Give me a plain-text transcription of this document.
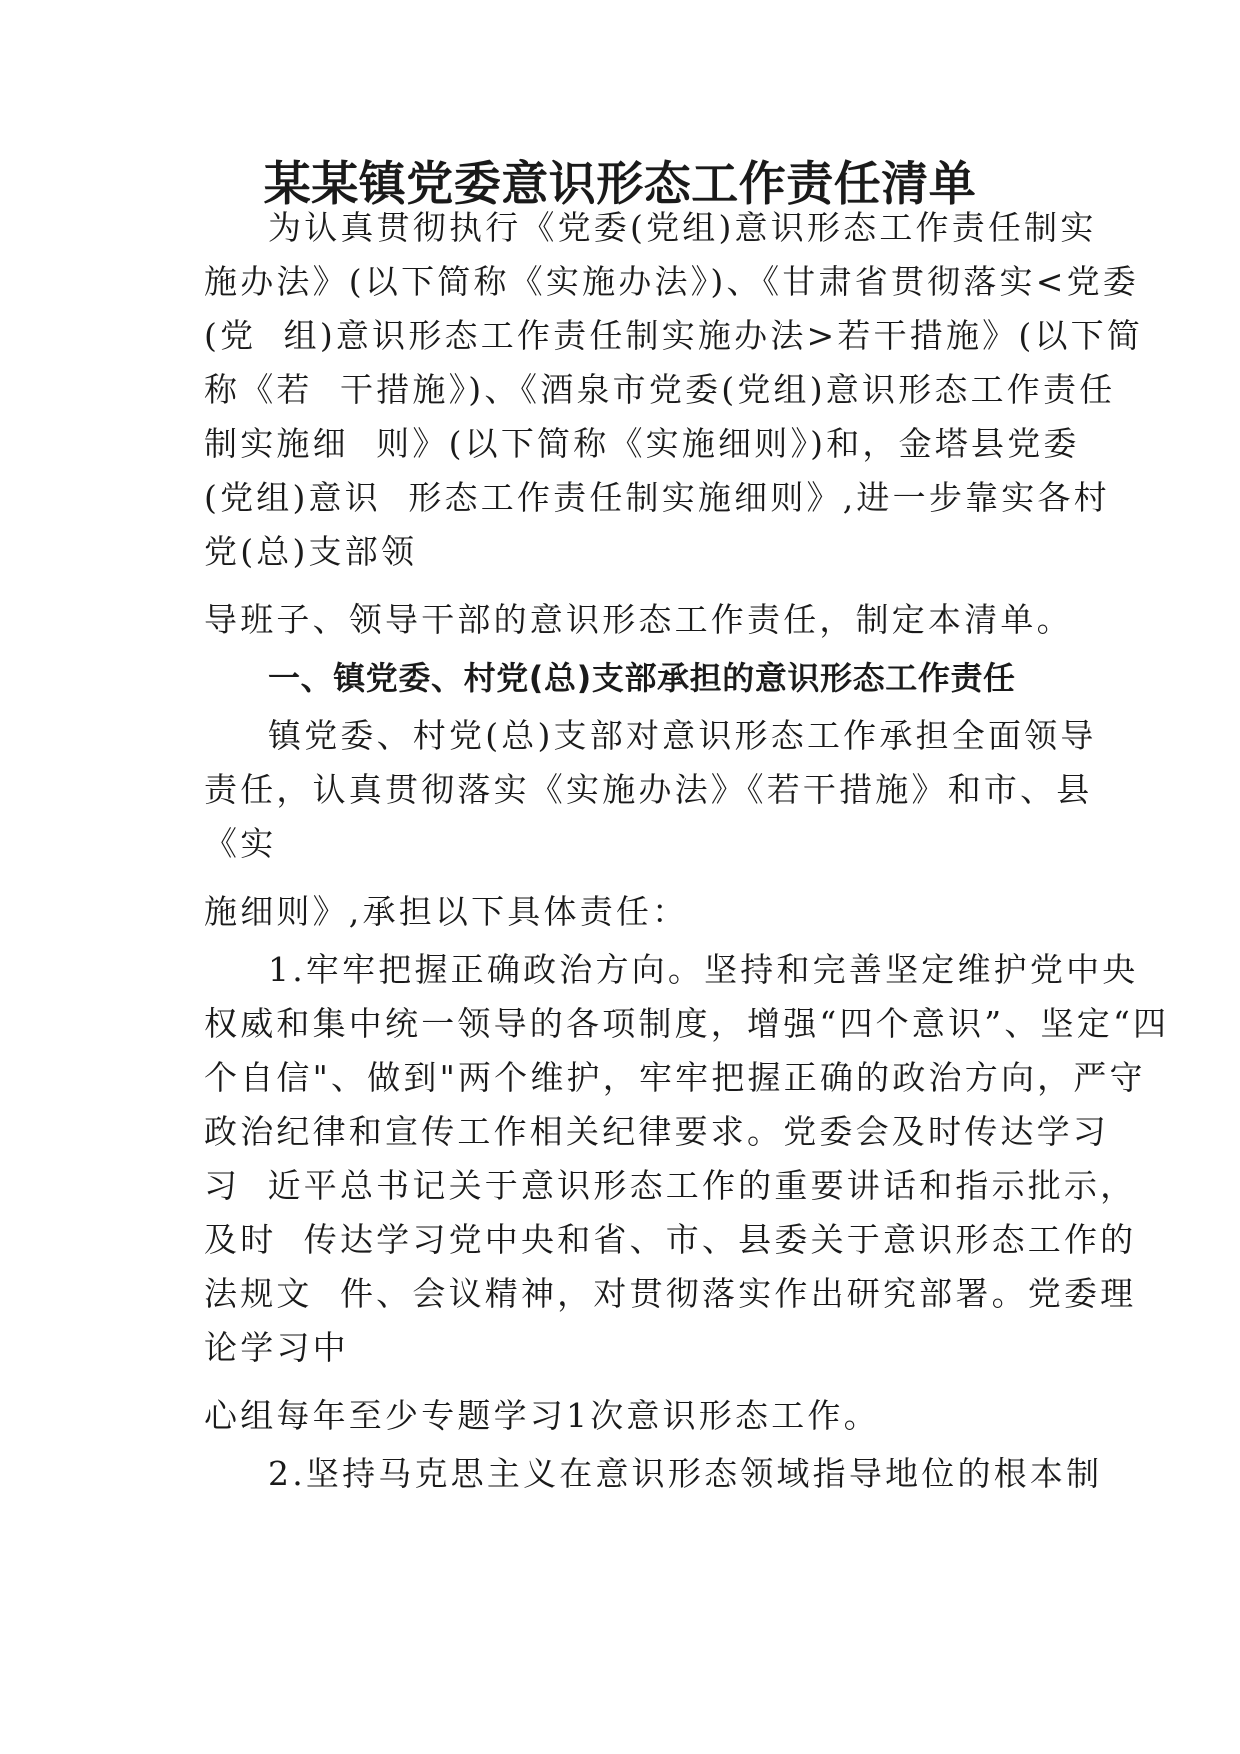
某某镇党委意识形态工作责任清单

为认真贯彻执行《党委(党组)意识形态工作责任制实

施办法》(以下简称《实施办法》)、《甘肃省贯彻落实<党委

(党  组)意识形态工作责任制实施办法>若干措施》(以下简

称《若  干措施》)、《酒泉市党委(党组)意识形态工作责任

制实施细  则》(以下简称《实施细则》)和，金塔县党委

(党组)意识  形态工作责任制实施细则》,进一步靠实各村

党(总)支部领

导班子、领导干部的意识形态工作责任，制定本清单。

一、镇党委、村党(总)支部承担的意识形态工作责任

镇党委、村党(总)支部对意识形态工作承担全面领导

责任，认真贯彻落实《实施办法》《若干措施》和市、县

《实

施细则》,承担以下具体责任：

1.牢牢把握正确政治方向。坚持和完善坚定维护党中央

权威和集中统一领导的各项制度，增强“四个意识”、坚定“四

个自信"、做到"两个维护，牢牢把握正确的政治方向，严守

政治纪律和宣传工作相关纪律要求。党委会及时传达学习

习  近平总书记关于意识形态工作的重要讲话和指示批示，

及时  传达学习党中央和省、市、县委关于意识形态工作的

法规文  件、会议精神，对贯彻落实作出研究部署。党委理

论学习中

心组每年至少专题学习1次意识形态工作。

2.坚持马克思主义在意识形态领域指导地位的根本制
